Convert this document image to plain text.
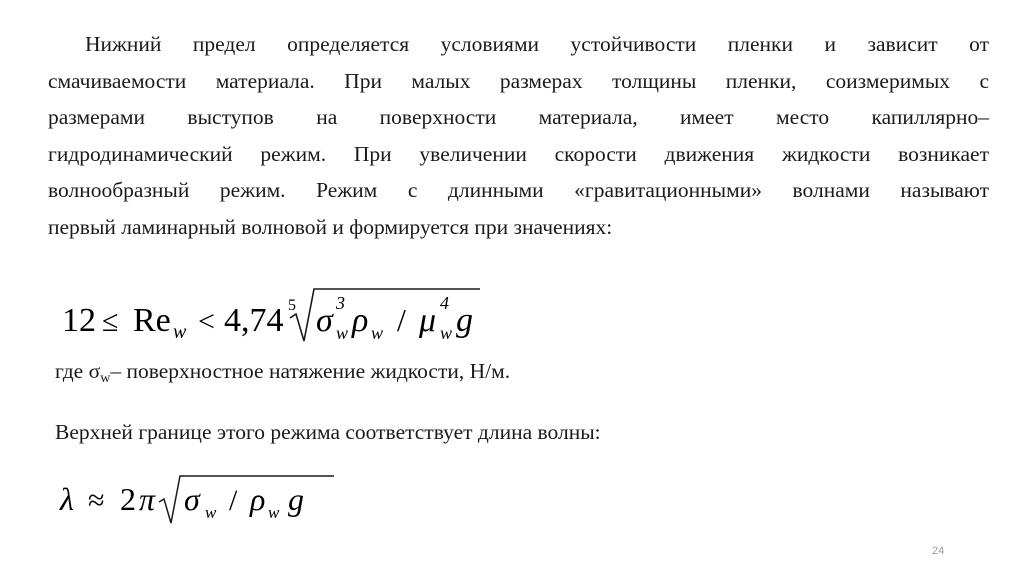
Нижний предел определяется условиями устойчивости пленки и зависит от
смачиваемости материала. При малых размерах толщины пленки, соизмеримых с
размерами выступов на поверхности материала, имеет место капиллярно–
гидродинамический режим. При увеличении скорости движения жидкости возникает
волнообразный режим. Режим с длинными «гравитационными» волнами называют
первый ламинарный волновой и формируется при значениях:
12 ≤ Re w < 4,74 5 σ 3
w ρ w / μ 4
w g
где $\sigma_w-$ поверхностное натяжение жидкости, Н/м.
Верхней границе этого режима соответствует длина волны:
λ ≈ 2 π σ w / ρ w g
24
